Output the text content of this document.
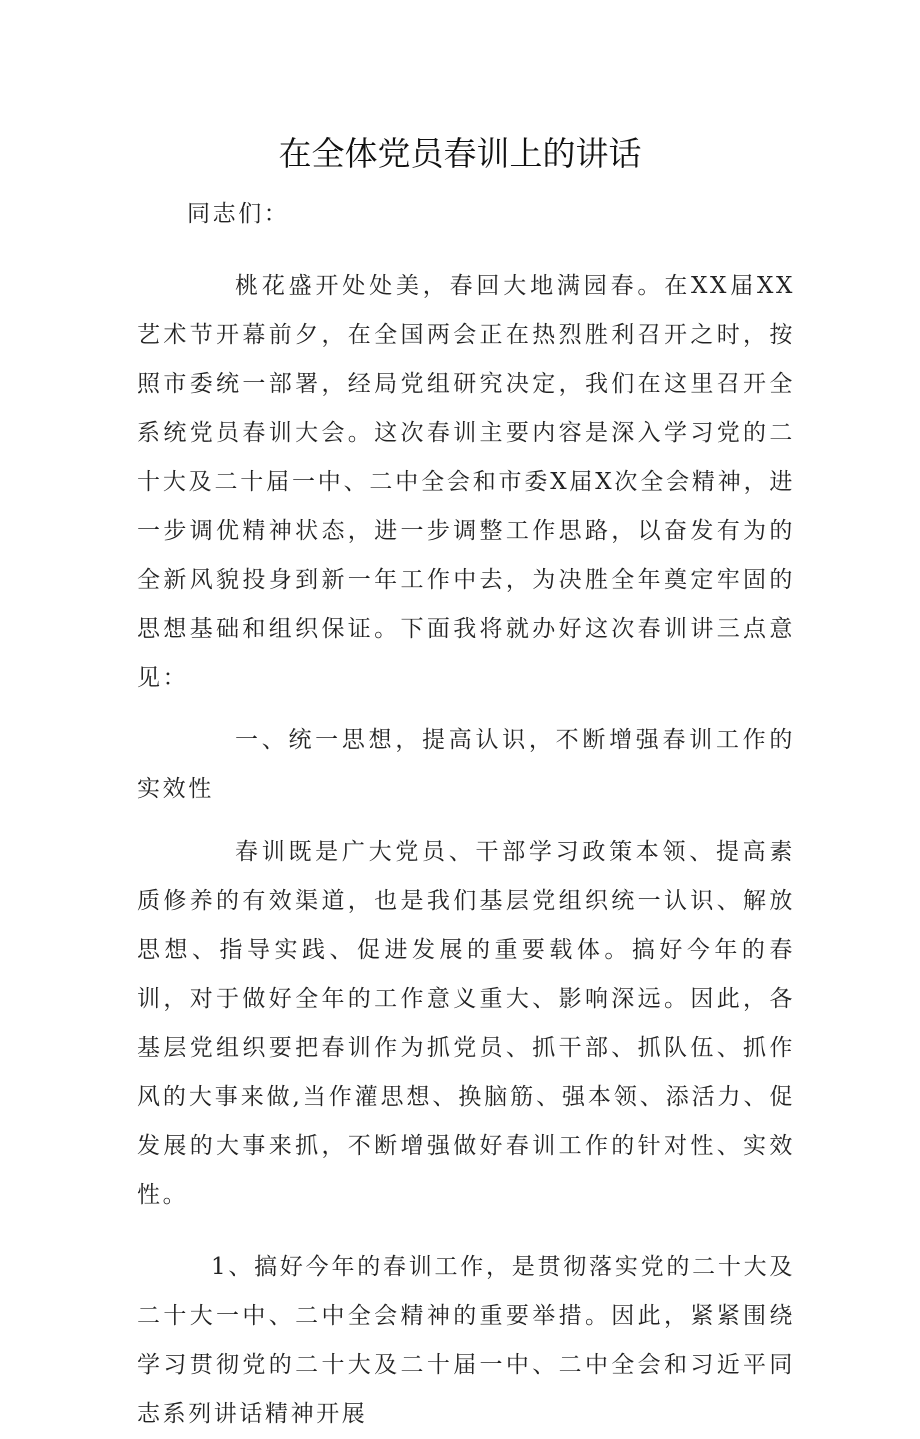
在全体党员春训上的讲话

同志们：

桃花盛开处处美，春回大地满园春。在XX届XX艺术节开幕前夕，在全国两会正在热烈胜利召开之时，按照市委统一部署，经局党组研究决定，我们在这里召开全系统党员春训大会。这次春训主要内容是深入学习党的二十大及二十届一中、二中全会和市委X届X次全会精神，进一步调优精神状态，进一步调整工作思路，以奋发有为的全新风貌投身到新一年工作中去，为决胜全年奠定牢固的思想基础和组织保证。下面我将就办好这次春训讲三点意见：

一、统一思想，提高认识，不断增强春训工作的实效性

春训既是广大党员、干部学习政策本领、提高素质修养的有效渠道，也是我们基层党组织统一认识、解放思想、指导实践、促进发展的重要载体。搞好今年的春训，对于做好全年的工作意义重大、影响深远。因此，各基层党组织要把春训作为抓党员、抓干部、抓队伍、抓作风的大事来做,当作灌思想、换脑筋、强本领、添活力、促发展的大事来抓，不断增强做好春训工作的针对性、实效性。

1、搞好今年的春训工作，是贯彻落实党的二十大及二十大一中、二中全会精神的重要举措。因此，紧紧围绕学习贯彻党的二十大及二十届一中、二中全会和习近平同志系列讲话精神开展
